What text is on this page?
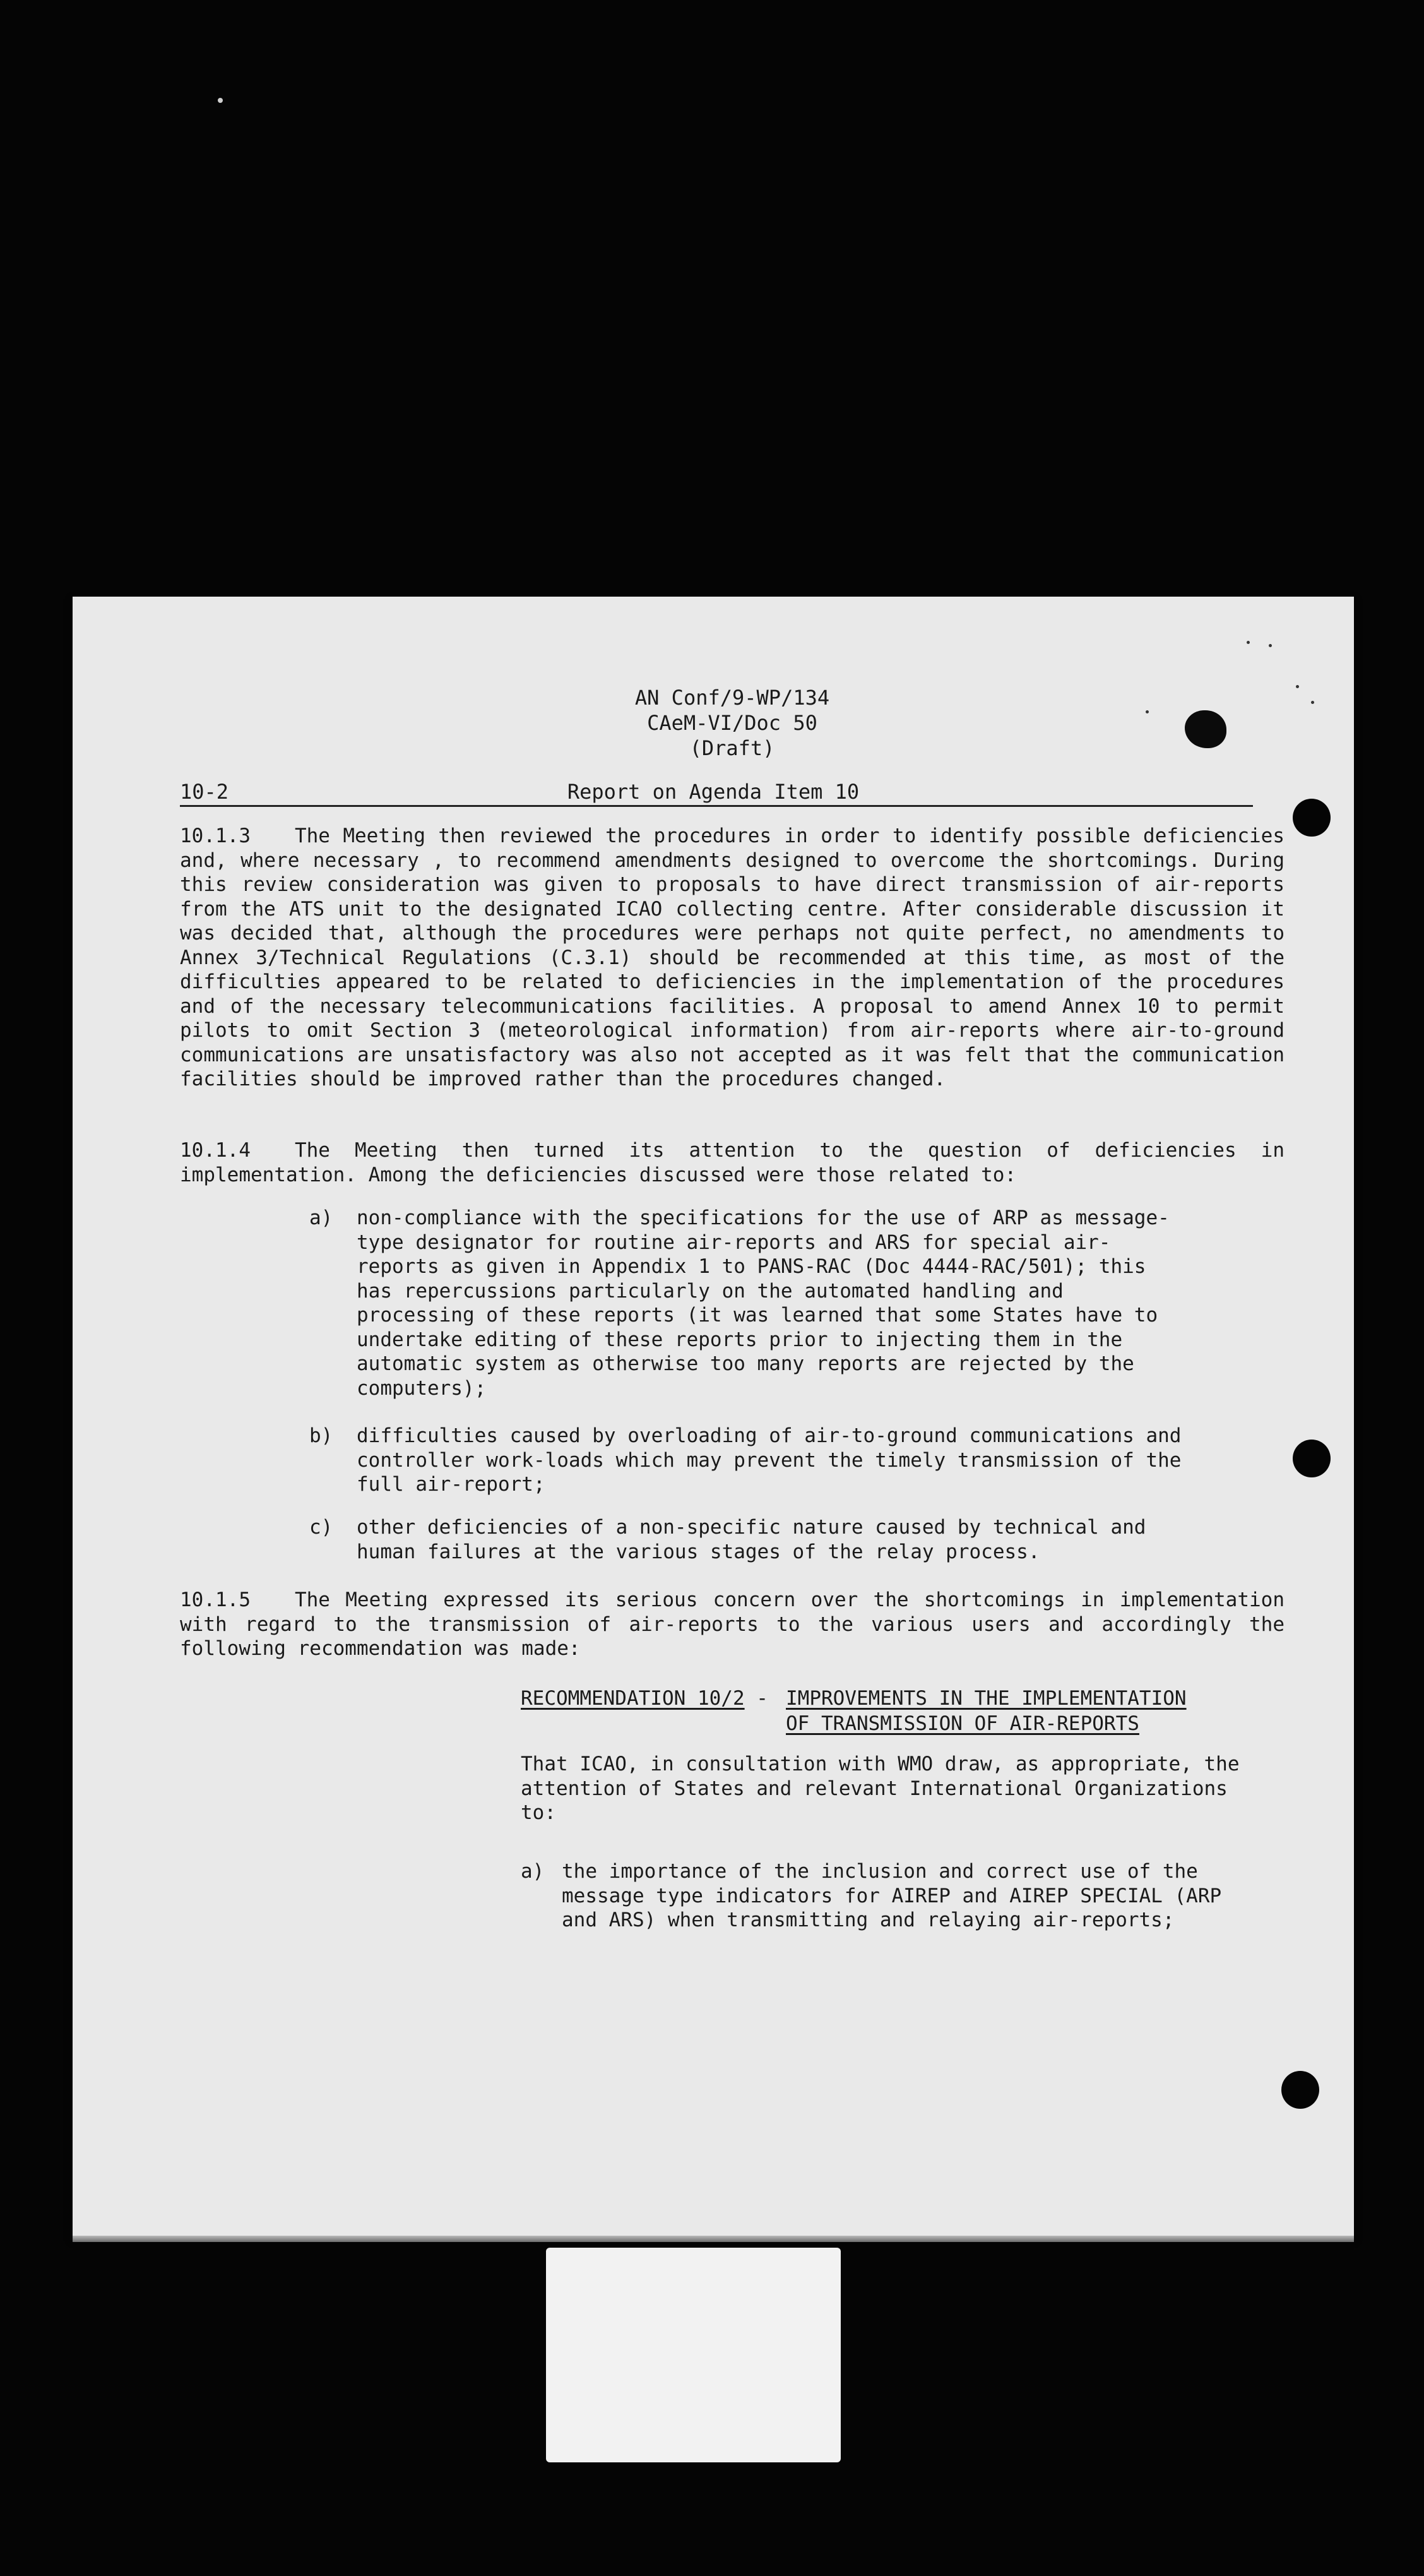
AN Conf/9-WP/134
CAeM-VI/Doc 50
(Draft)
10-2	Report on Agenda Item 10

10.1.3 The Meeting then reviewed the procedures in order to identify possible deficiencies and, where necessary , to recommend amendments designed to overcome the shortcomings. During this review consideration was given to proposals to have direct transmission of air-reports from the ATS unit to the designated ICAO collecting centre. After considerable discussion it was decided that, although the procedures were perhaps not quite perfect, no amendments to Annex 3/Technical Regulations (C.3.1) should be recommended at this time, as most of the difficulties appeared to be related to deficiencies in the implementation of the procedures and of the necessary telecommunications facilities. A proposal to amend Annex 10 to permit pilots to omit Section 3 (meteorological information) from air-reports where air-to-ground communications are unsatisfactory was also not accepted as it was felt that the communication facilities should be improved rather than the procedures changed.

10.1.4 The Meeting then turned its attention to the question of deficiencies in implementation. Among the deficiencies discussed were those related to:

a) non-compliance with the specifications for the use of ARP as message-type designator for routine air-reports and ARS for special air-reports as given in Appendix 1 to PANS-RAC (Doc 4444-RAC/501); this has repercussions particularly on the automated handling and processing of these reports (it was learned that some States have to undertake editing of these reports prior to injecting them in the automatic system as otherwise too many reports are rejected by the computers);
b) difficulties caused by overloading of air-to-ground communications and controller work-loads which may prevent the timely transmission of the full air-report;
c) other deficiencies of a non-specific nature caused by technical and human failures at the various stages of the relay process.

10.1.5 The Meeting expressed its serious concern over the shortcomings in implementation with regard to the transmission of air-reports to the various users and accordingly the following recommendation was made:

RECOMMENDATION 10/2 - IMPROVEMENTS IN THE IMPLEMENTATION
OF TRANSMISSION OF AIR-REPORTS
That ICAO, in consultation with WMO draw, as appropriate, the attention of States and relevant International Organizations to:
a) the importance of the inclusion and correct use of the message type indicators for AIREP and AIREP SPECIAL (ARP and ARS) when transmitting and relaying air-reports;
